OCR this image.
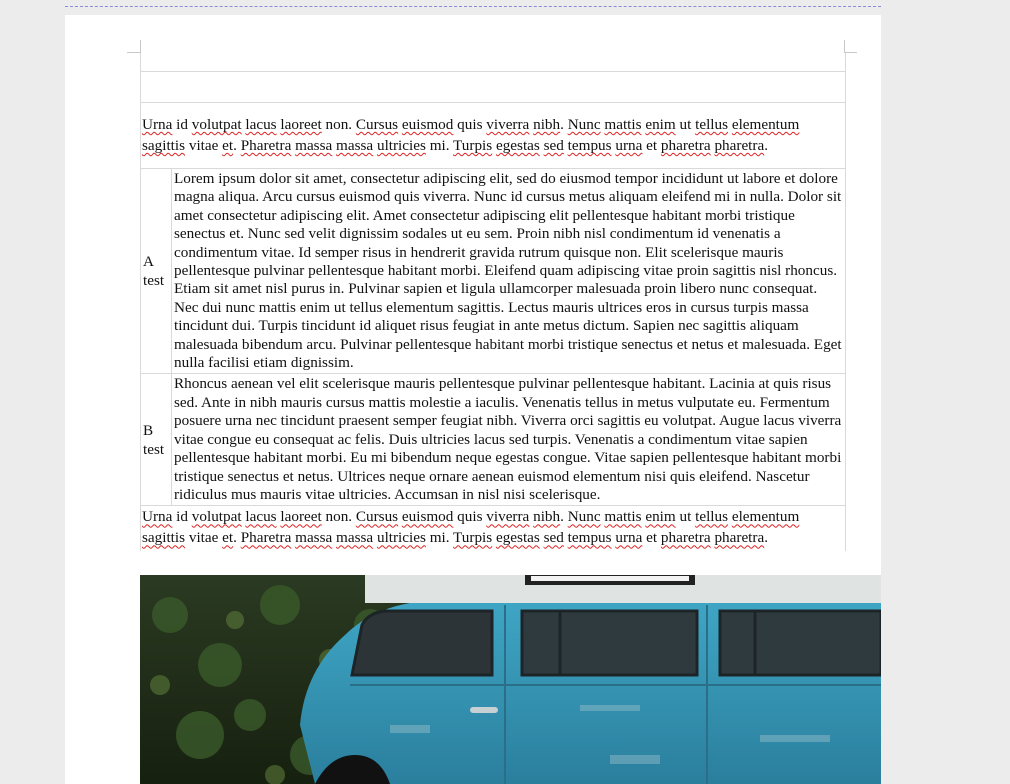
Urna id volutpat lacus laoreet non. Cursus euismod quis viverra nibh. Nunc mattis enim ut tellus elementum
sagittis vitae et. Pharetra massa massa ultricies mi. Turpis egestas sed tempus urna et pharetra pharetra.
A test
Lorem ipsum dolor sit amet, consectetur adipiscing elit, sed do eiusmod tempor incididunt ut labore et dolore magna aliqua. Arcu cursus euismod quis viverra. Nunc id cursus metus aliquam eleifend mi in nulla. Dolor sit amet consectetur adipiscing elit. Amet consectetur adipiscing elit pellentesque habitant morbi tristique senectus et. Nunc sed velit dignissim sodales ut eu sem. Proin nibh nisl condimentum id venenatis a condimentum vitae. Id semper risus in hendrerit gravida rutrum quisque non. Elit scelerisque mauris pellentesque pulvinar pellentesque habitant morbi. Eleifend quam adipiscing vitae proin sagittis nisl rhoncus. Etiam sit amet nisl purus in. Pulvinar sapien et ligula ullamcorper malesuada proin libero nunc consequat. Nec dui nunc mattis enim ut tellus elementum sagittis. Lectus mauris ultrices eros in cursus turpis massa tincidunt dui. Turpis tincidunt id aliquet risus feugiat in ante metus dictum. Sapien nec sagittis aliquam malesuada bibendum arcu. Pulvinar pellentesque habitant morbi tristique senectus et netus et malesuada. Eget nulla facilisi etiam dignissim.
B test
Rhoncus aenean vel elit scelerisque mauris pellentesque pulvinar pellentesque habitant. Lacinia at quis risus sed. Ante in nibh mauris cursus mattis molestie a iaculis. Venenatis tellus in metus vulputate eu. Fermentum posuere urna nec tincidunt praesent semper feugiat nibh. Viverra orci sagittis eu volutpat. Augue lacus viverra vitae congue eu consequat ac felis. Duis ultricies lacus sed turpis. Venenatis a condimentum vitae sapien pellentesque habitant morbi. Eu mi bibendum neque egestas congue. Vitae sapien pellentesque habitant morbi tristique senectus et netus. Ultrices neque ornare aenean euismod elementum nisi quis eleifend. Nascetur ridiculus mus mauris vitae ultricies. Accumsan in nisl nisi scelerisque.
Urna id volutpat lacus laoreet non. Cursus euismod quis viverra nibh. Nunc mattis enim ut tellus elementum
sagittis vitae et. Pharetra massa massa ultricies mi. Turpis egestas sed tempus urna et pharetra pharetra.
